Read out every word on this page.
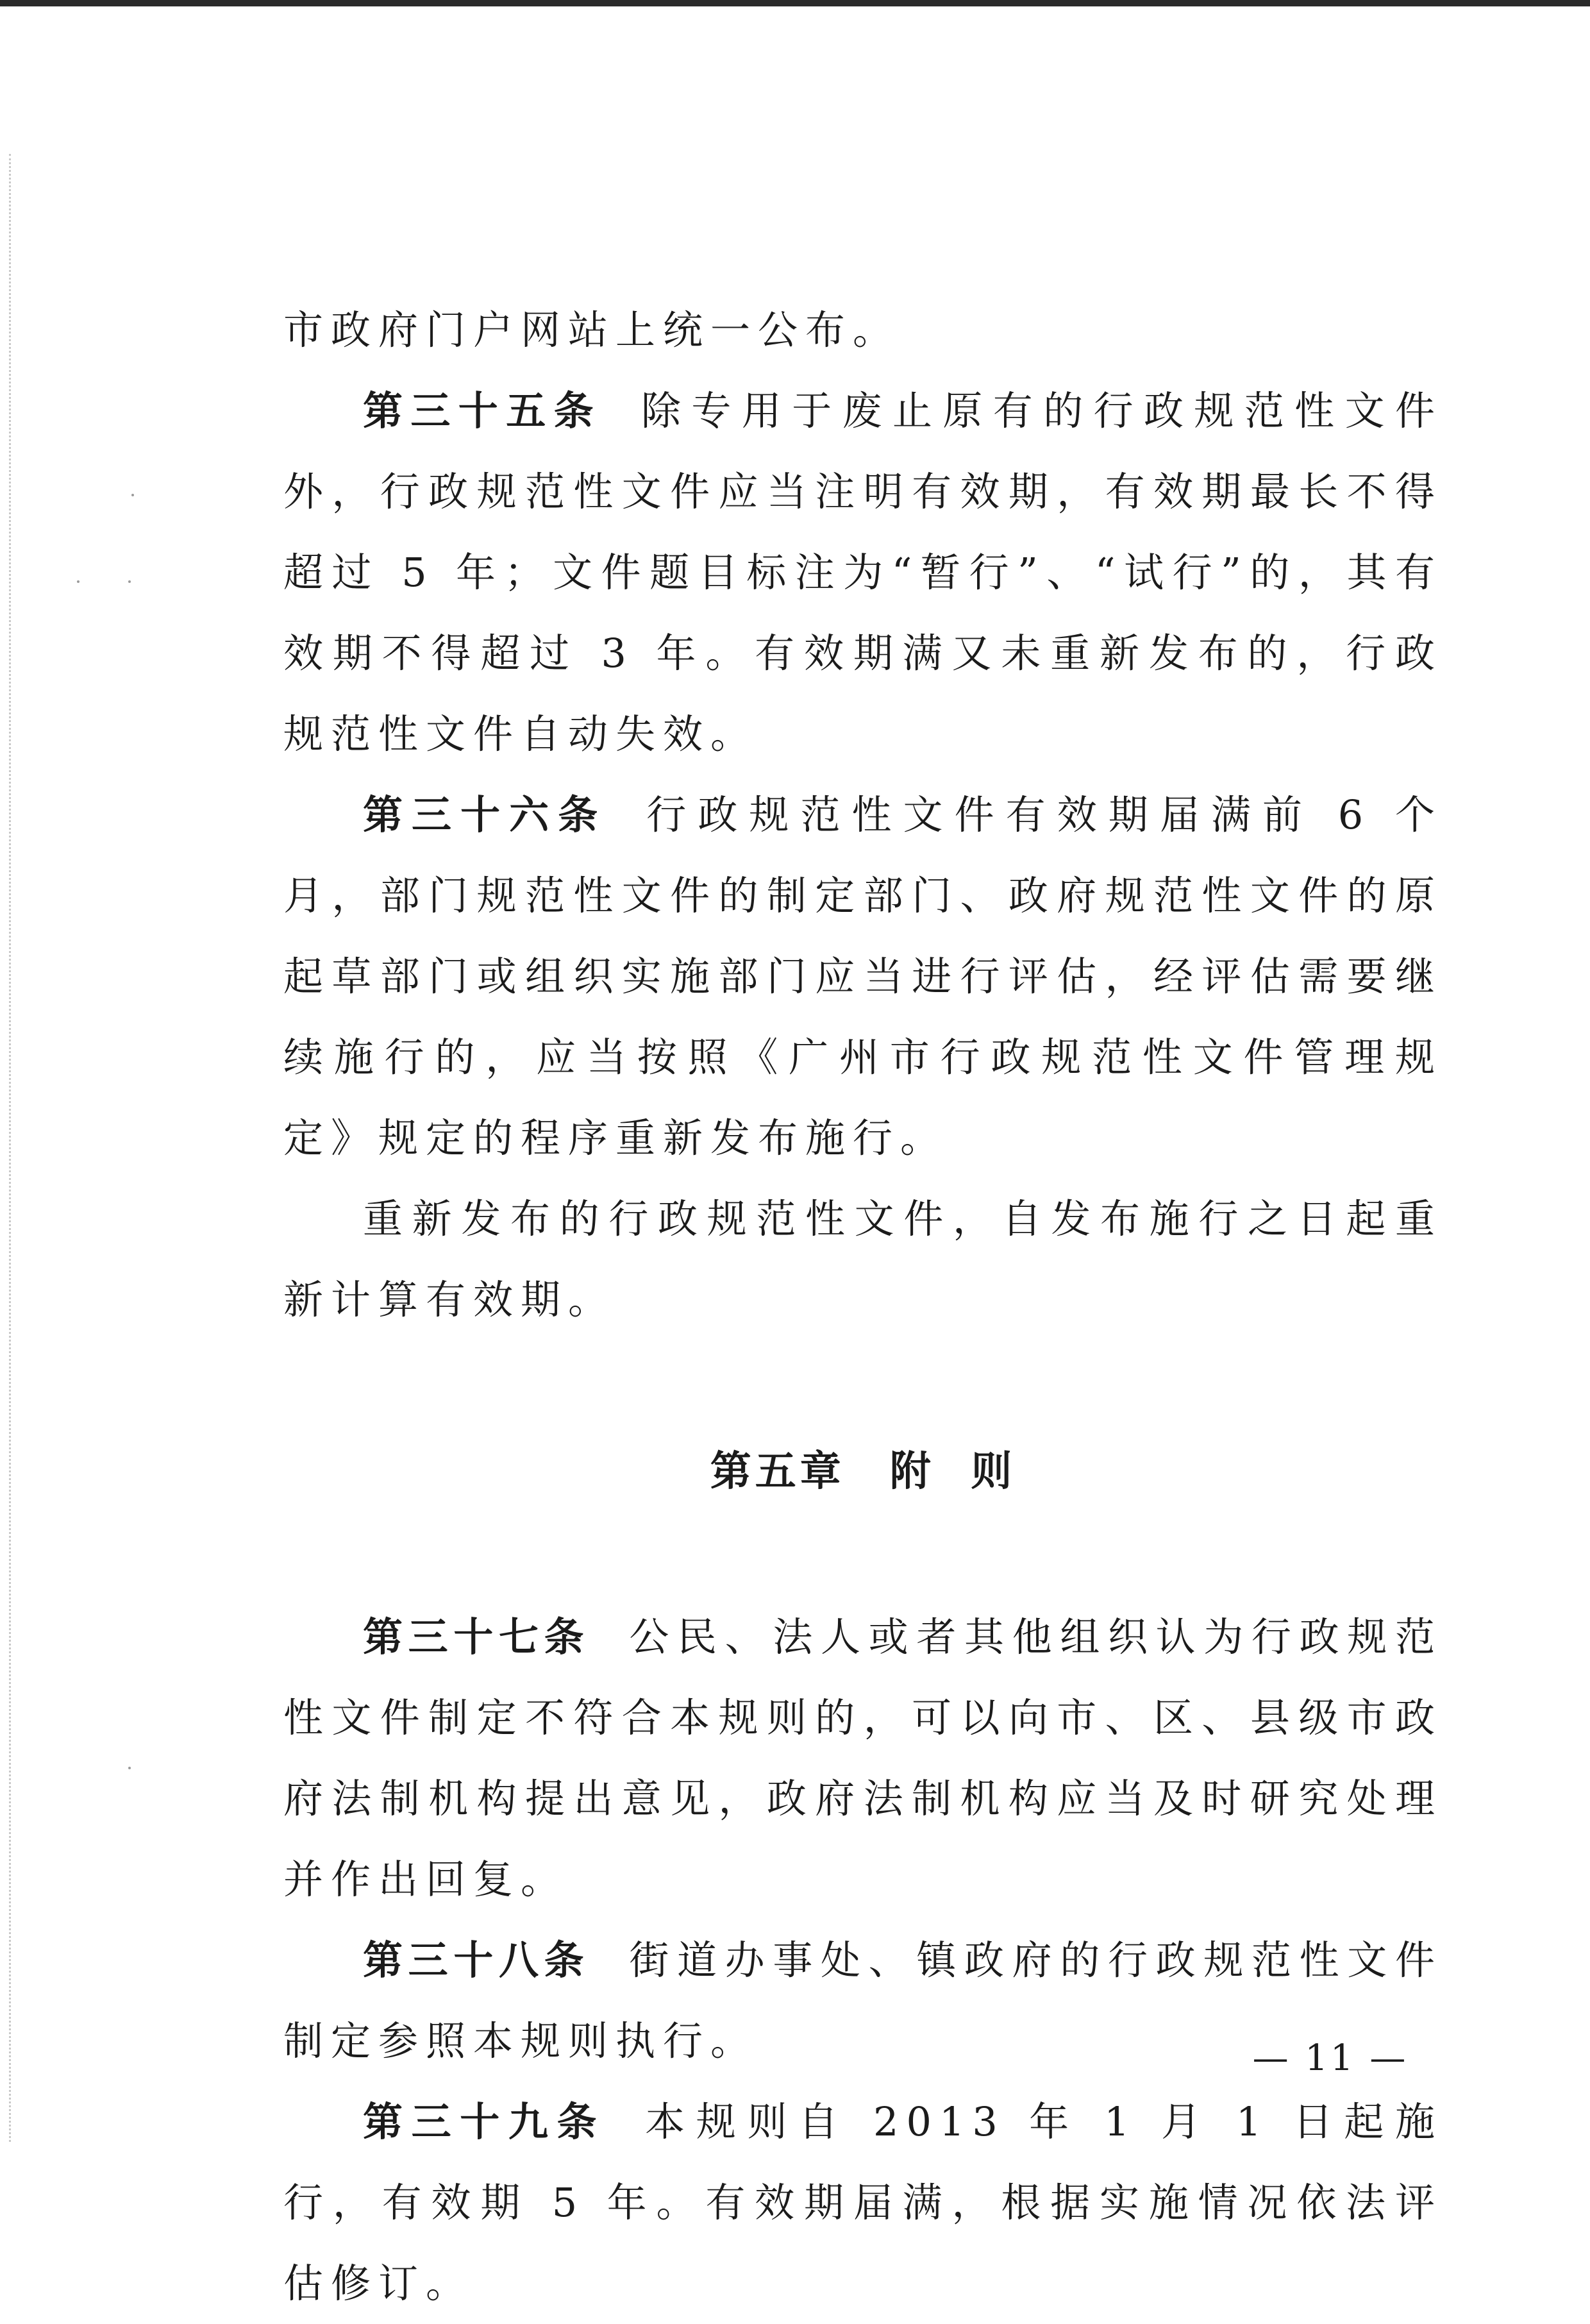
市政府门户网站上统一公布。

第三十五条 除专用于废止原有的行政规范性文件外，行政规范性文件应当注明有效期，有效期最长不得超过 5 年；文件题目标注为“暂行”、“试行”的，其有效期不得超过 3 年。有效期满又未重新发布的，行政规范性文件自动失效。

第三十六条 行政规范性文件有效期届满前 6 个月，部门规范性文件的制定部门、政府规范性文件的原起草部门或组织实施部门应当进行评估，经评估需要继续施行的，应当按照《广州市行政规范性文件管理规定》规定的程序重新发布施行。

重新发布的行政规范性文件，自发布施行之日起重新计算有效期。

第五章 附  则

第三十七条 公民、法人或者其他组织认为行政规范性文件制定不符合本规则的，可以向市、区、县级市政府法制机构提出意见，政府法制机构应当及时研究处理并作出回复。

第三十八条 街道办事处、镇政府的行政规范性文件制定参照本规则执行。

第三十九条 本规则自 2013 年 1 月 1 日起施行，有效期 5 年。有效期届满，根据实施情况依法评估修订。

— 11 —
